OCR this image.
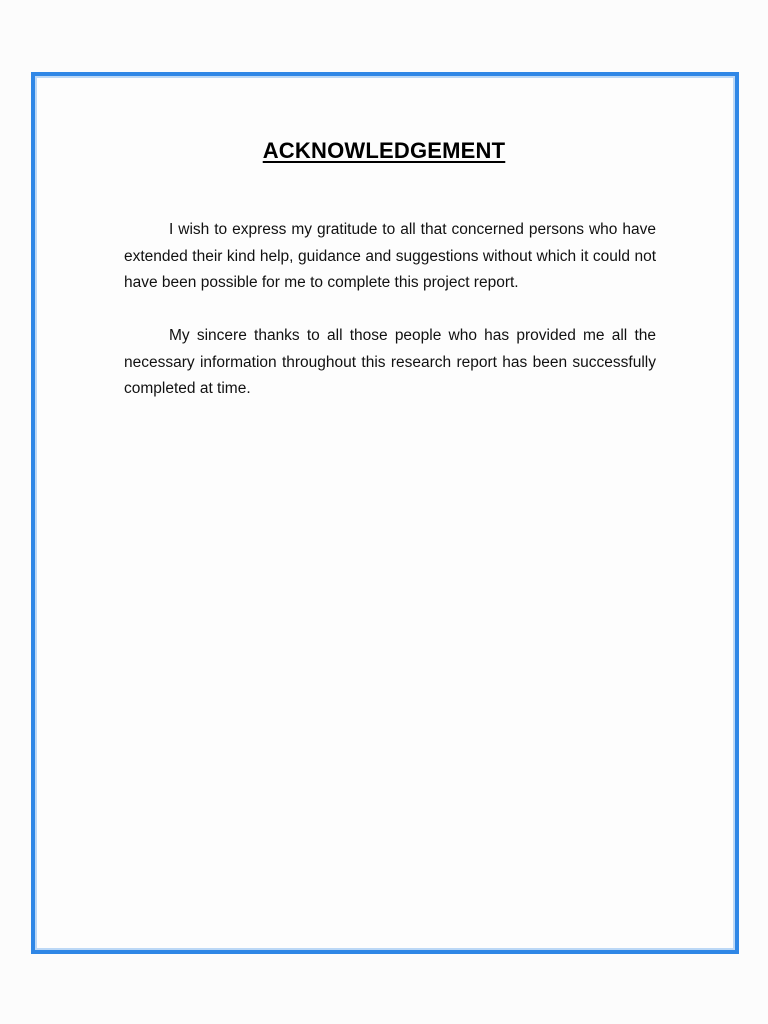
ACKNOWLEDGEMENT

I wish to express my gratitude to all that concerned persons who have extended their kind help, guidance and suggestions without which it could not have been possible for me to complete this project report.

My sincere thanks to all those people who has provided me all the necessary information throughout this research report has been successfully completed at time.
